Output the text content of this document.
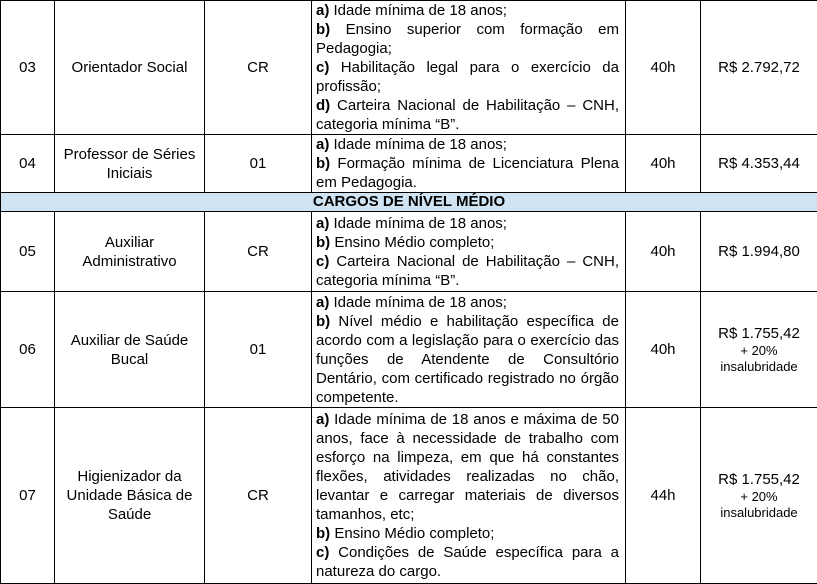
03	Orientador Social	CR	a) Idade mínima de 18 anos;
b) Ensino superior com formação em Pedagogia;
c) Habilitação legal para o exercício da profissão;
d) Carteira Nacional de Habilitação – CNH, categoria mínima “B”.	40h	R$ 2.792,72

04	Professor de Séries Iniciais	01	a) Idade mínima de 18 anos;
b) Formação mínima de Licenciatura Plena em Pedagogia.	40h	R$ 4.353,44

CARGOS DE NÍVEL MÉDIO					
05	Auxiliar Administrativo	CR	a) Idade mínima de 18 anos;
b) Ensino Médio completo;
c) Carteira Nacional de Habilitação – CNH, categoria mínima “B”.	40h	R$ 1.994,80

06	Auxiliar de Saúde Bucal	01	a) Idade mínima de 18 anos;
b) Nível médio e habilitação específica de acordo com a legislação para o exercício das funções de Atendente de Consultório Dentário, com certificado registrado no órgão competente.	40h	R$ 1.755,42
+ 20% insalubridade

07	Higienizador da Unidade Básica de Saúde	CR	a) Idade mínima de 18 anos e máxima de 50 anos, face à necessidade de trabalho com esforço na limpeza, em que há constantes flexões, atividades realizadas no chão, levantar e carregar materiais de diversos tamanhos, etc;
b) Ensino Médio completo;
c) Condições de Saúde específica para a natureza do cargo.	44h	R$ 1.755,42
+ 20% insalubridade
